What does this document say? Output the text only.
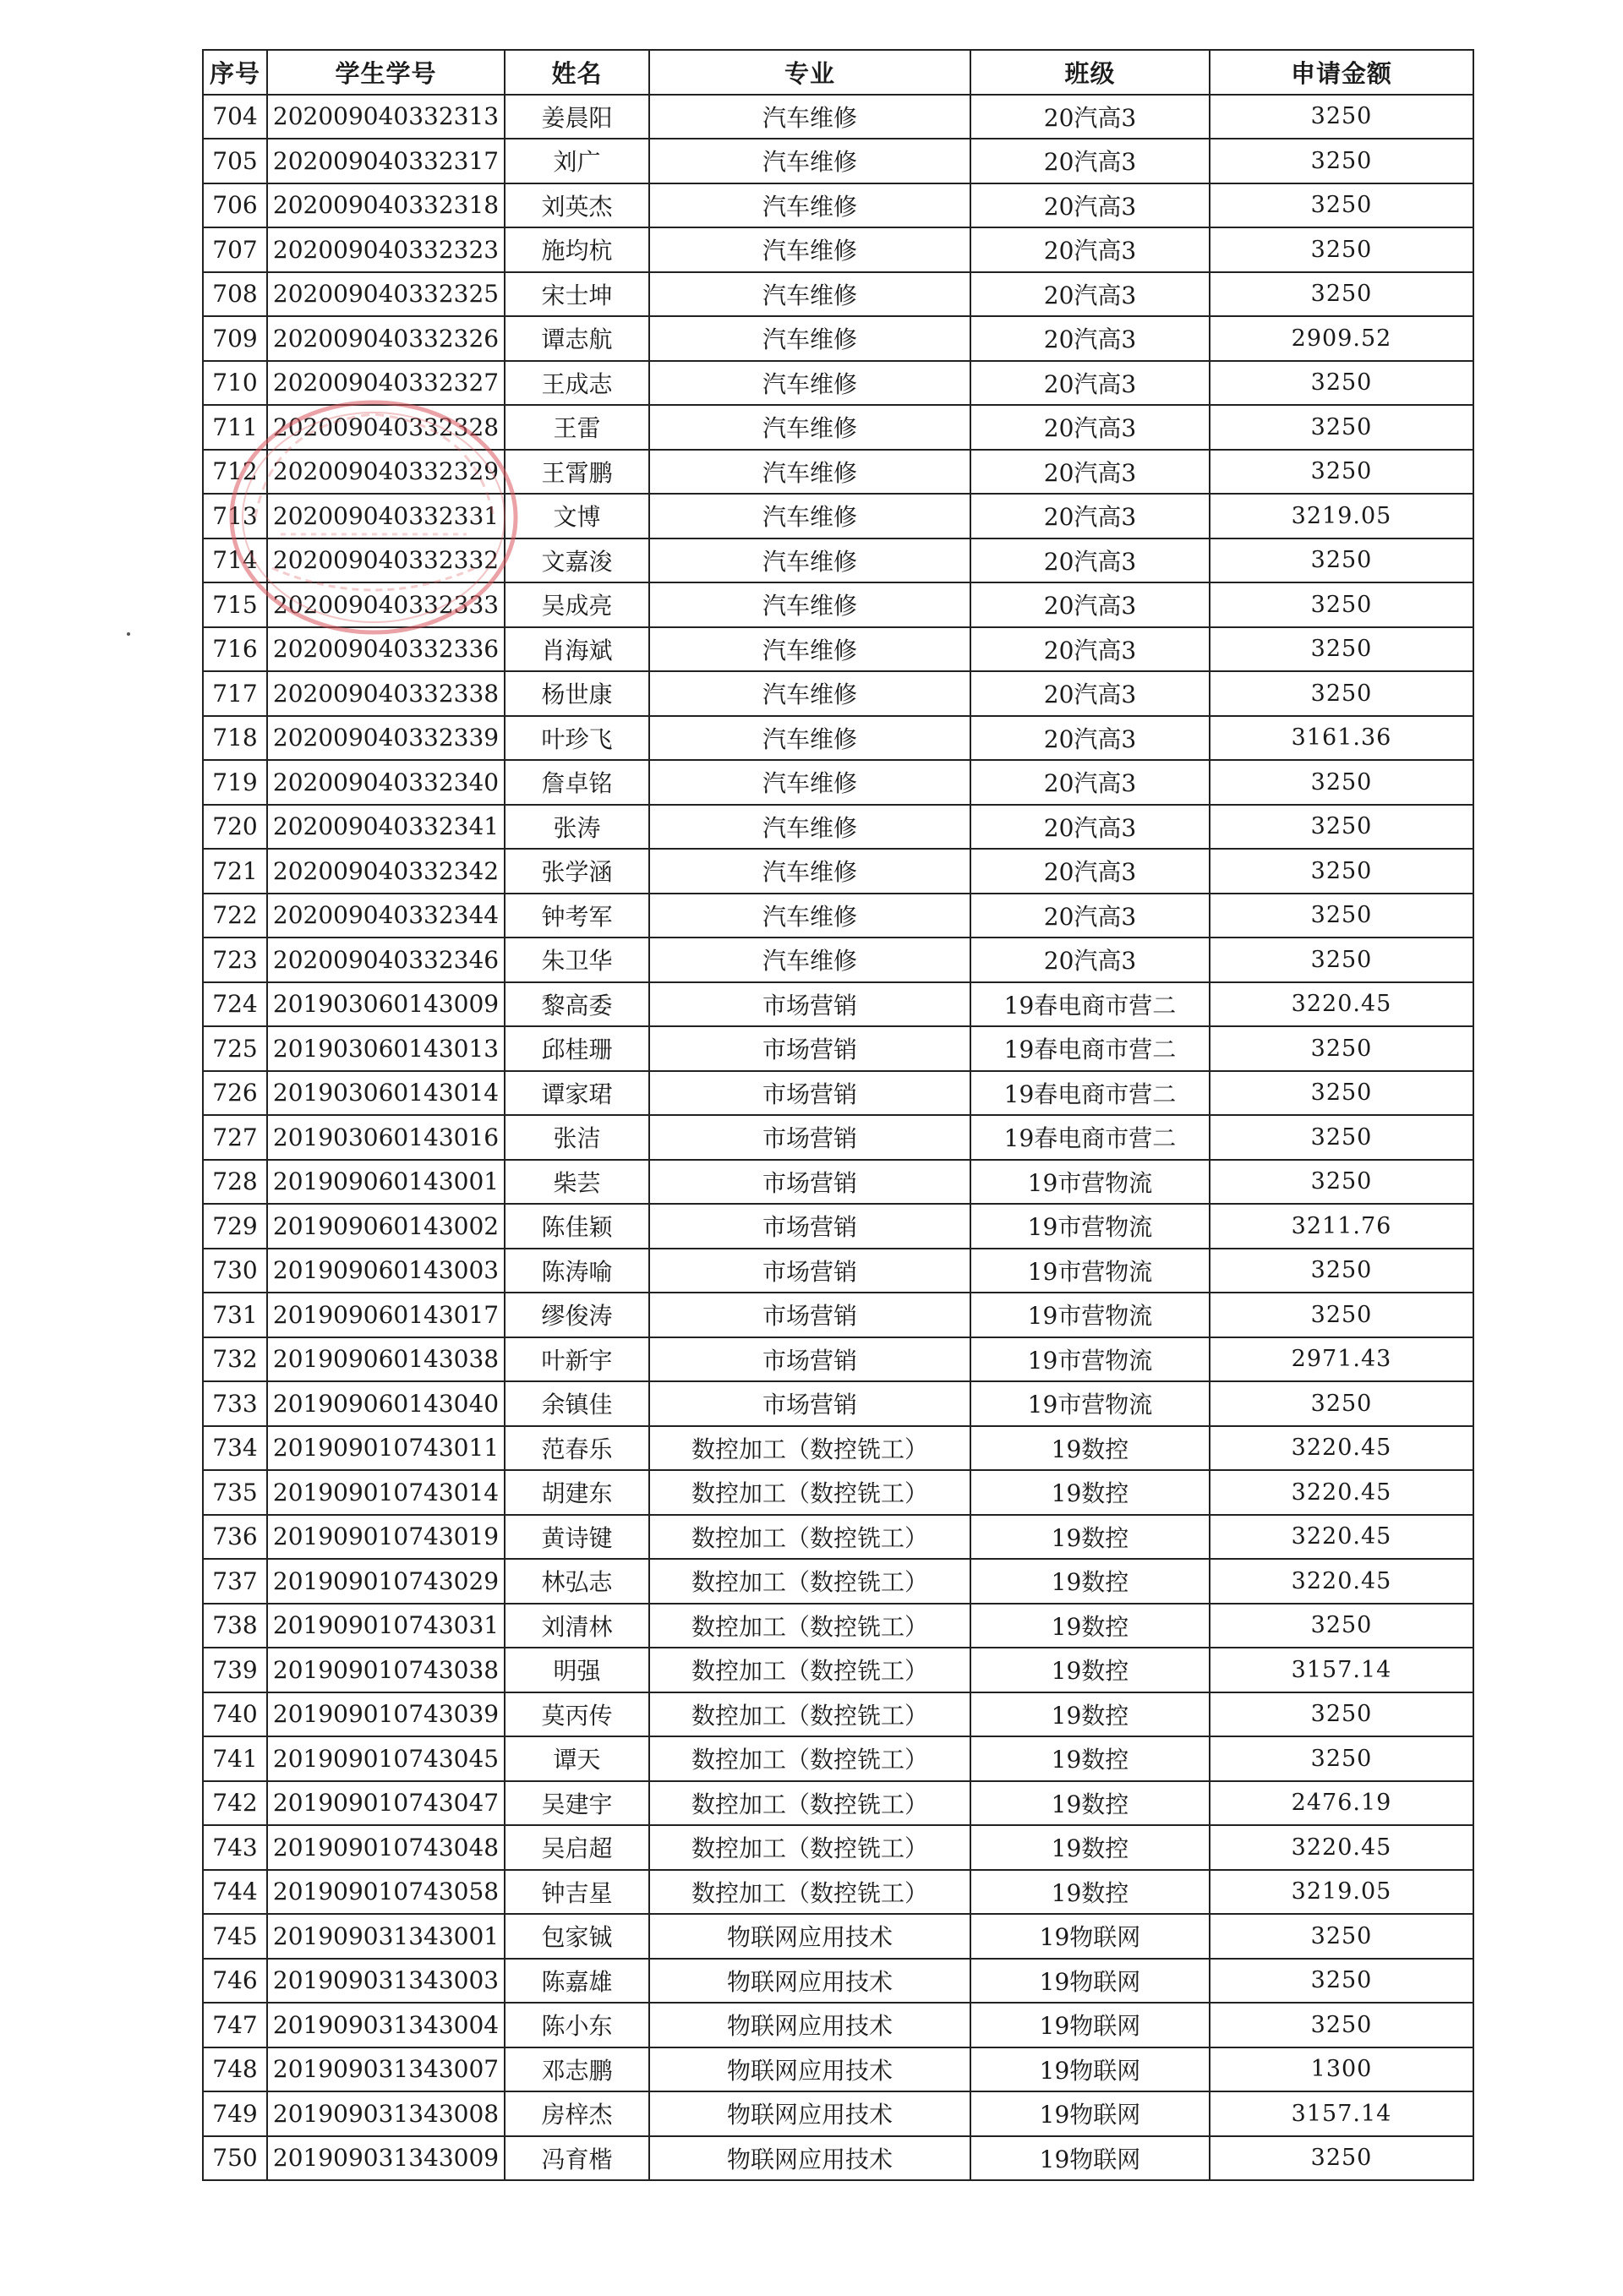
序号	学生学号	姓名	专业	班级	申请金额
704	202009040332313	姜晨阳	汽车维修	20汽高3	3250
705	202009040332317	刘广	汽车维修	20汽高3	3250
706	202009040332318	刘英杰	汽车维修	20汽高3	3250
707	202009040332323	施均杭	汽车维修	20汽高3	3250
708	202009040332325	宋士坤	汽车维修	20汽高3	3250
709	202009040332326	谭志航	汽车维修	20汽高3	2909.52
710	202009040332327	王成志	汽车维修	20汽高3	3250
711	202009040332328	王雷	汽车维修	20汽高3	3250
712	202009040332329	王霄鹏	汽车维修	20汽高3	3250
713	202009040332331	文博	汽车维修	20汽高3	3219.05
714	202009040332332	文嘉浚	汽车维修	20汽高3	3250
715	202009040332333	吴成亮	汽车维修	20汽高3	3250
716	202009040332336	肖海斌	汽车维修	20汽高3	3250
717	202009040332338	杨世康	汽车维修	20汽高3	3250
718	202009040332339	叶珍飞	汽车维修	20汽高3	3161.36
719	202009040332340	詹卓铭	汽车维修	20汽高3	3250
720	202009040332341	张涛	汽车维修	20汽高3	3250
721	202009040332342	张学涵	汽车维修	20汽高3	3250
722	202009040332344	钟考军	汽车维修	20汽高3	3250
723	202009040332346	朱卫华	汽车维修	20汽高3	3250
724	201903060143009	黎高委	市场营销	19春电商市营二	3220.45
725	201903060143013	邱桂珊	市场营销	19春电商市营二	3250
726	201903060143014	谭家珺	市场营销	19春电商市营二	3250
727	201903060143016	张洁	市场营销	19春电商市营二	3250
728	201909060143001	柴芸	市场营销	19市营物流	3250
729	201909060143002	陈佳颖	市场营销	19市营物流	3211.76
730	201909060143003	陈涛喻	市场营销	19市营物流	3250
731	201909060143017	缪俊涛	市场营销	19市营物流	3250
732	201909060143038	叶新宇	市场营销	19市营物流	2971.43
733	201909060143040	余镇佳	市场营销	19市营物流	3250
734	201909010743011	范春乐	数控加工（数控铣工）	19数控	3220.45
735	201909010743014	胡建东	数控加工（数控铣工）	19数控	3220.45
736	201909010743019	黄诗键	数控加工（数控铣工）	19数控	3220.45
737	201909010743029	林弘志	数控加工（数控铣工）	19数控	3220.45
738	201909010743031	刘清林	数控加工（数控铣工）	19数控	3250
739	201909010743038	明强	数控加工（数控铣工）	19数控	3157.14
740	201909010743039	莫丙传	数控加工（数控铣工）	19数控	3250
741	201909010743045	谭天	数控加工（数控铣工）	19数控	3250
742	201909010743047	吴建宇	数控加工（数控铣工）	19数控	2476.19
743	201909010743048	吴启超	数控加工（数控铣工）	19数控	3220.45
744	201909010743058	钟吉星	数控加工（数控铣工）	19数控	3219.05
745	201909031343001	包家铖	物联网应用技术	19物联网	3250
746	201909031343003	陈嘉雄	物联网应用技术	19物联网	3250
747	201909031343004	陈小东	物联网应用技术	19物联网	3250
748	201909031343007	邓志鹏	物联网应用技术	19物联网	1300
749	201909031343008	房梓杰	物联网应用技术	19物联网	3157.14
750	201909031343009	冯育楷	物联网应用技术	19物联网	3250
